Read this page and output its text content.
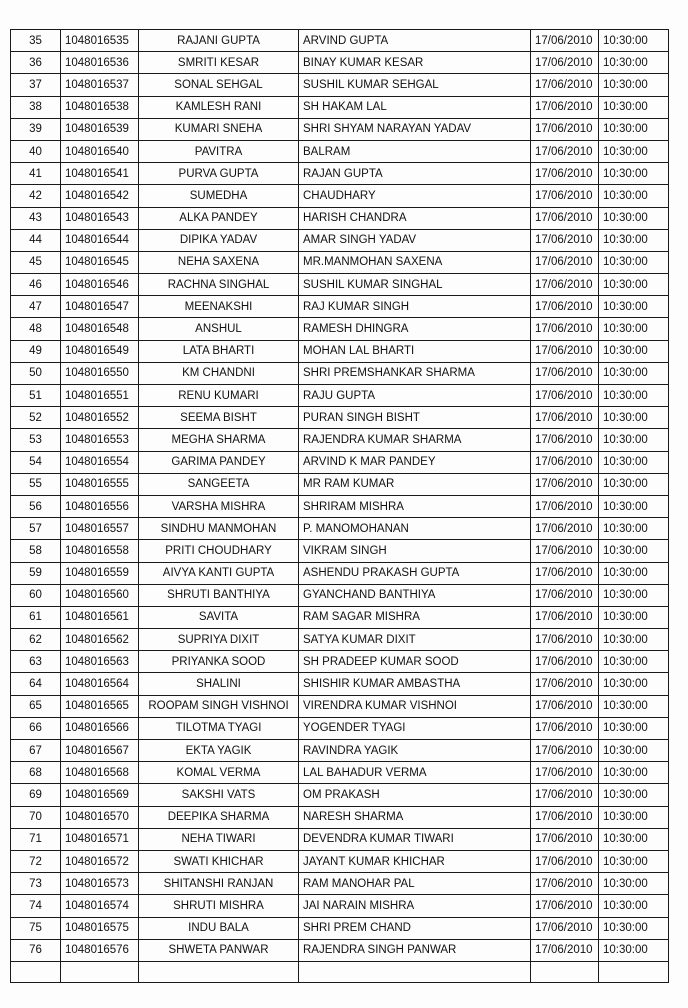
35	1048016535	RAJANI GUPTA	ARVIND GUPTA	17/06/2010	10:30:00
36	1048016536	SMRITI KESAR	BINAY KUMAR KESAR	17/06/2010	10:30:00
37	1048016537	SONAL SEHGAL	SUSHIL KUMAR SEHGAL	17/06/2010	10:30:00
38	1048016538	KAMLESH RANI	SH HAKAM LAL	17/06/2010	10:30:00
39	1048016539	KUMARI SNEHA	SHRI SHYAM NARAYAN YADAV	17/06/2010	10:30:00
40	1048016540	PAVITRA	BALRAM	17/06/2010	10:30:00
41	1048016541	PURVA GUPTA	RAJAN GUPTA	17/06/2010	10:30:00
42	1048016542	SUMEDHA	CHAUDHARY	17/06/2010	10:30:00
43	1048016543	ALKA PANDEY	HARISH CHANDRA	17/06/2010	10:30:00
44	1048016544	DIPIKA YADAV	AMAR SINGH YADAV	17/06/2010	10:30:00
45	1048016545	NEHA SAXENA	MR.MANMOHAN SAXENA	17/06/2010	10:30:00
46	1048016546	RACHNA SINGHAL	SUSHIL KUMAR SINGHAL	17/06/2010	10:30:00
47	1048016547	MEENAKSHI	RAJ KUMAR SINGH	17/06/2010	10:30:00
48	1048016548	ANSHUL	RAMESH DHINGRA	17/06/2010	10:30:00
49	1048016549	LATA BHARTI	MOHAN LAL BHARTI	17/06/2010	10:30:00
50	1048016550	KM CHANDNI	SHRI PREMSHANKAR SHARMA	17/06/2010	10:30:00
51	1048016551	RENU KUMARI	RAJU GUPTA	17/06/2010	10:30:00
52	1048016552	SEEMA BISHT	PURAN SINGH BISHT	17/06/2010	10:30:00
53	1048016553	MEGHA SHARMA	RAJENDRA KUMAR SHARMA	17/06/2010	10:30:00
54	1048016554	GARIMA PANDEY	ARVIND K MAR PANDEY	17/06/2010	10:30:00
55	1048016555	SANGEETA	MR RAM KUMAR	17/06/2010	10:30:00
56	1048016556	VARSHA MISHRA	SHRIRAM MISHRA	17/06/2010	10:30:00
57	1048016557	SINDHU MANMOHAN	P. MANOMOHANAN	17/06/2010	10:30:00
58	1048016558	PRITI CHOUDHARY	VIKRAM SINGH	17/06/2010	10:30:00
59	1048016559	AIVYA KANTI GUPTA	ASHENDU PRAKASH GUPTA	17/06/2010	10:30:00
60	1048016560	SHRUTI BANTHIYA	GYANCHAND BANTHIYA	17/06/2010	10:30:00
61	1048016561	SAVITA	RAM SAGAR MISHRA	17/06/2010	10:30:00
62	1048016562	SUPRIYA DIXIT	SATYA KUMAR DIXIT	17/06/2010	10:30:00
63	1048016563	PRIYANKA SOOD	SH PRADEEP KUMAR SOOD	17/06/2010	10:30:00
64	1048016564	SHALINI	SHISHIR KUMAR AMBASTHA	17/06/2010	10:30:00
65	1048016565	ROOPAM SINGH VISHNOI	VIRENDRA KUMAR VISHNOI	17/06/2010	10:30:00
66	1048016566	TILOTMA TYAGI	YOGENDER TYAGI	17/06/2010	10:30:00
67	1048016567	EKTA YAGIK	RAVINDRA YAGIK	17/06/2010	10:30:00
68	1048016568	KOMAL VERMA	LAL BAHADUR VERMA	17/06/2010	10:30:00
69	1048016569	SAKSHI VATS	OM PRAKASH	17/06/2010	10:30:00
70	1048016570	DEEPIKA SHARMA	NARESH SHARMA	17/06/2010	10:30:00
71	1048016571	NEHA TIWARI	DEVENDRA KUMAR TIWARI	17/06/2010	10:30:00
72	1048016572	SWATI KHICHAR	JAYANT KUMAR KHICHAR	17/06/2010	10:30:00
73	1048016573	SHITANSHI RANJAN	RAM MANOHAR PAL	17/06/2010	10:30:00
74	1048016574	SHRUTI MISHRA	JAI NARAIN MISHRA	17/06/2010	10:30:00
75	1048016575	INDU BALA	SHRI PREM CHAND	17/06/2010	10:30:00
76	1048016576	SHWETA PANWAR	RAJENDRA SINGH PANWAR	17/06/2010	10:30:00
